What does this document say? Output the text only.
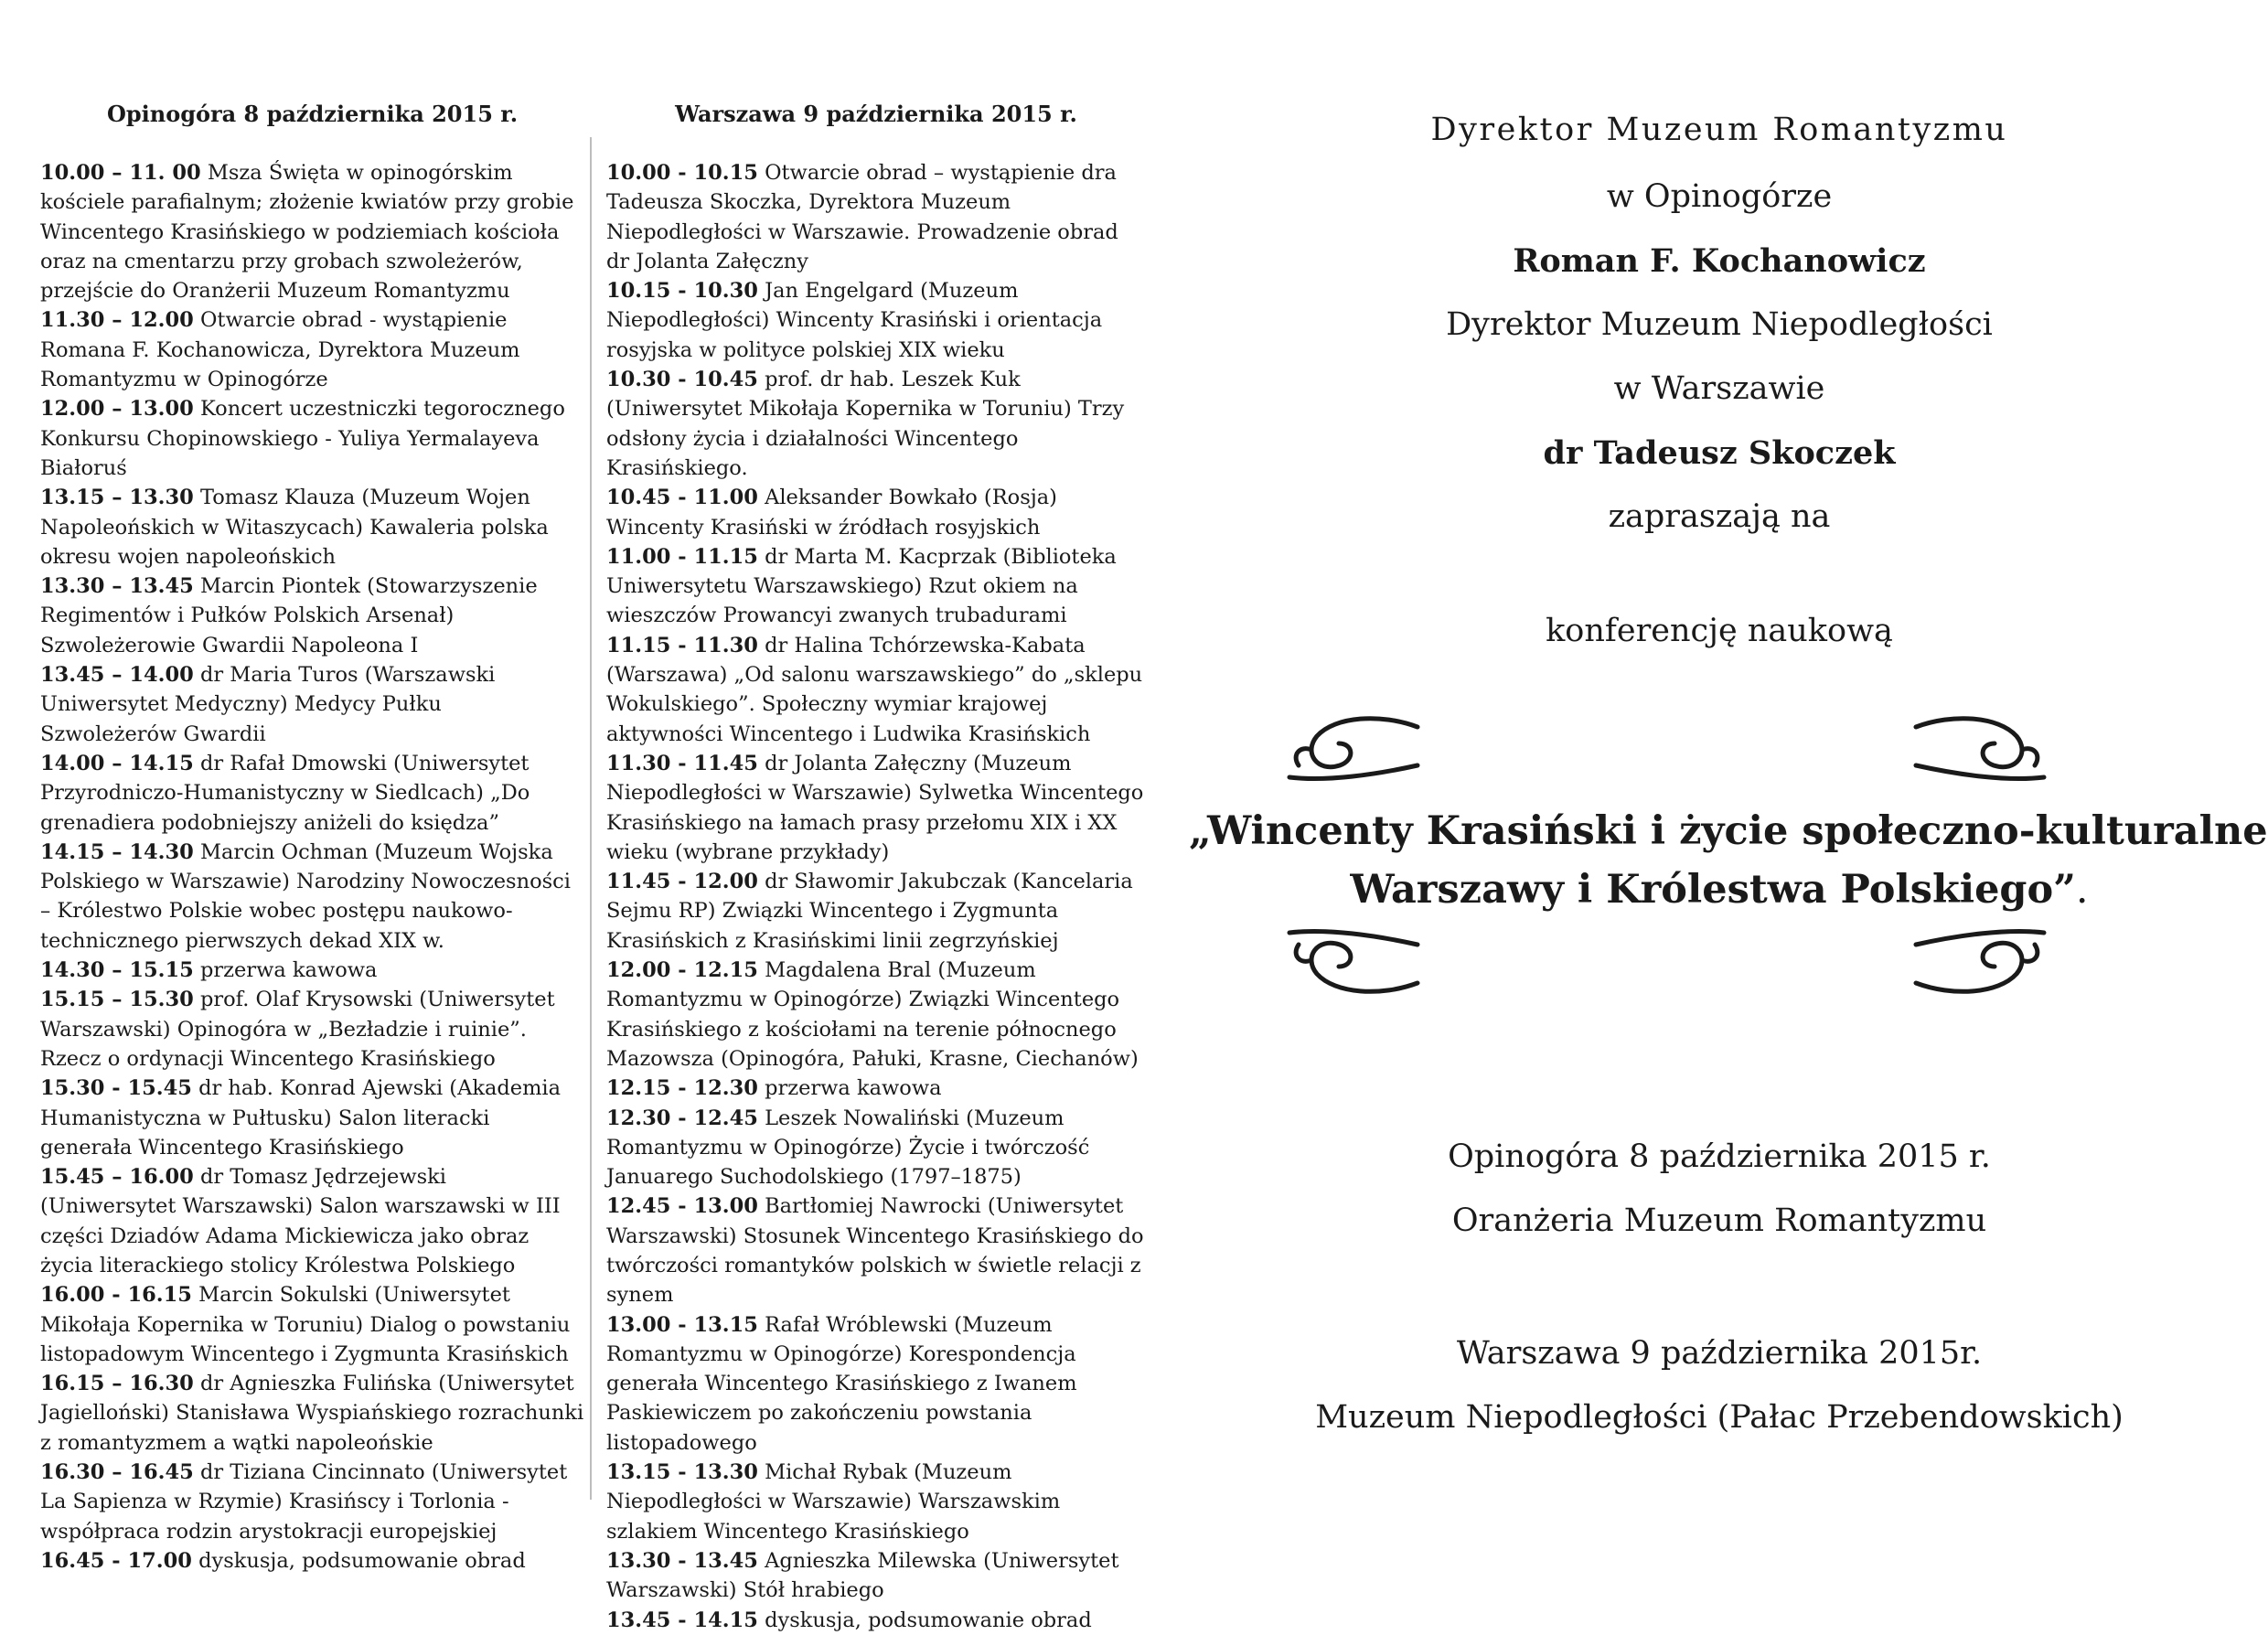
Opinogóra 8 października 2015 r.
10.00 – 11. 00 Msza Święta w opinogórskim kościele parafialnym; złożenie kwiatów przy grobie Wincentego Krasińskiego w podziemiach kościoła oraz na cmentarzu przy grobach szwoleżerów, przejście do Oranżerii Muzeum Romantyzmu
11.30 – 12.00 Otwarcie obrad - wystąpienie Romana F. Kochanowicza, Dyrektora Muzeum Romantyzmu w Opinogórze
12.00 – 13.00 Koncert uczestniczki tegorocznego Konkursu Chopinowskiego - Yuliya Yermalayeva Białoruś
13.15 – 13.30 Tomasz Klauza (Muzeum Wojen Napoleońskich w Witaszycach) Kawaleria polska okresu wojen napoleońskich
13.30 – 13.45 Marcin Piontek (Stowarzyszenie Regimentów i Pułków Polskich Arsenał) Szwoleżerowie Gwardii Napoleona I
13.45 – 14.00 dr Maria Turos (Warszawski Uniwersytet Medyczny) Medycy Pułku Szwoleżerów Gwardii
14.00 – 14.15 dr Rafał Dmowski (Uniwersytet Przyrodniczo-Humanistyczny w Siedlcach) „Do grenadiera podobniejszy aniżeli do księdza”
14.15 – 14.30 Marcin Ochman (Muzeum Wojska Polskiego w Warszawie) Narodziny Nowoczesności – Królestwo Polskie wobec postępu naukowo-technicznego pierwszych dekad XIX w.
14.30 – 15.15 przerwa kawowa
15.15 – 15.30 prof. Olaf Krysowski (Uniwersytet Warszawski) Opinogóra w „Bezładzie i ruinie”. Rzecz o ordynacji Wincentego Krasińskiego
15.30 - 15.45 dr hab. Konrad Ajewski (Akademia Humanistyczna w Pułtusku) Salon literacki generała Wincentego Krasińskiego
15.45 – 16.00 dr Tomasz Jędrzejewski (Uniwersytet Warszawski) Salon warszawski w III części Dziadów Adama Mickiewicza jako obraz życia literackiego stolicy Królestwa Polskiego
16.00 - 16.15 Marcin Sokulski (Uniwersytet Mikołaja Kopernika w Toruniu) Dialog o powstaniu listopadowym Wincentego i Zygmunta Krasińskich
16.15 – 16.30 dr Agnieszka Fulińska (Uniwersytet Jagielloński) Stanisława Wyspiańskiego rozrachunki z romantyzmem a wątki napoleońskie
16.30 – 16.45 dr Tiziana Cincinnato (Uniwersytet La Sapienza w Rzymie) Krasińscy i Torlonia - współpraca rodzin arystokracji europejskiej
16.45 - 17.00 dyskusja, podsumowanie obrad
Warszawa 9 października 2015 r.
10.00 - 10.15 Otwarcie obrad – wystąpienie dra Tadeusza Skoczka, Dyrektora Muzeum Niepodległości w Warszawie. Prowadzenie obrad dr Jolanta Załęczny
10.15 - 10.30 Jan Engelgard (Muzeum Niepodległości) Wincenty Krasiński i orientacja rosyjska w polityce polskiej XIX wieku
10.30 - 10.45 prof. dr hab. Leszek Kuk (Uniwersytet Mikołaja Kopernika w Toruniu) Trzy odsłony życia i działalności Wincentego Krasińskiego.
10.45 - 11.00 Aleksander Bowkało (Rosja) Wincenty Krasiński w źródłach rosyjskich
11.00 - 11.15 dr Marta M. Kacprzak (Biblioteka Uniwersytetu Warszawskiego) Rzut okiem na wieszczów Prowancyi zwanych trubadurami
11.15 - 11.30 dr Halina Tchórzewska-Kabata (Warszawa) „Od salonu warszawskiego” do „sklepu Wokulskiego”. Społeczny wymiar krajowej aktywności Wincentego i Ludwika Krasińskich
11.30 - 11.45 dr Jolanta Załęczny (Muzeum Niepodległości w Warszawie) Sylwetka Wincentego Krasińskiego na łamach prasy przełomu XIX i XX wieku (wybrane przykłady)
11.45 - 12.00 dr Sławomir Jakubczak (Kancelaria Sejmu RP) Związki Wincentego i Zygmunta Krasińskich z Krasińskimi linii zegrzyńskiej
12.00 - 12.15 Magdalena Bral (Muzeum Romantyzmu w Opinogórze) Związki Wincentego Krasińskiego z kościołami na terenie północnego Mazowsza (Opinogóra, Pałuki, Krasne, Ciechanów)
12.15 - 12.30 przerwa kawowa
12.30 - 12.45 Leszek Nowaliński (Muzeum Romantyzmu w Opinogórze) Życie i twórczość Januarego Suchodolskiego (1797–1875)
12.45 - 13.00 Bartłomiej Nawrocki (Uniwersytet Warszawski) Stosunek Wincentego Krasińskiego do twórczości romantyków polskich w świetle relacji z synem
13.00 - 13.15 Rafał Wróblewski (Muzeum Romantyzmu w Opinogórze) Korespondencja generała Wincentego Krasińskiego z Iwanem Paskiewiczem po zakończeniu powstania listopadowego
13.15 - 13.30 Michał Rybak (Muzeum Niepodległości w Warszawie) Warszawskim szlakiem Wincentego Krasińskiego
13.30 - 13.45 Agnieszka Milewska (Uniwersytet Warszawski) Stół hrabiego
13.45 - 14.15 dyskusja, podsumowanie obrad
Dyrektor Muzeum Romantyzmu
w Opinogórze
Roman F. Kochanowicz
Dyrektor Muzeum Niepodległości
w Warszawie
dr Tadeusz Skoczek
zapraszają na
konferencję naukową
„Wincenty Krasiński i życie społeczno-kulturalne
Warszawy i Królestwa Polskiego”.
Opinogóra 8 października 2015 r.
Oranżeria Muzeum Romantyzmu
Warszawa 9 października 2015r.
Muzeum Niepodległości (Pałac Przebendowskich)
